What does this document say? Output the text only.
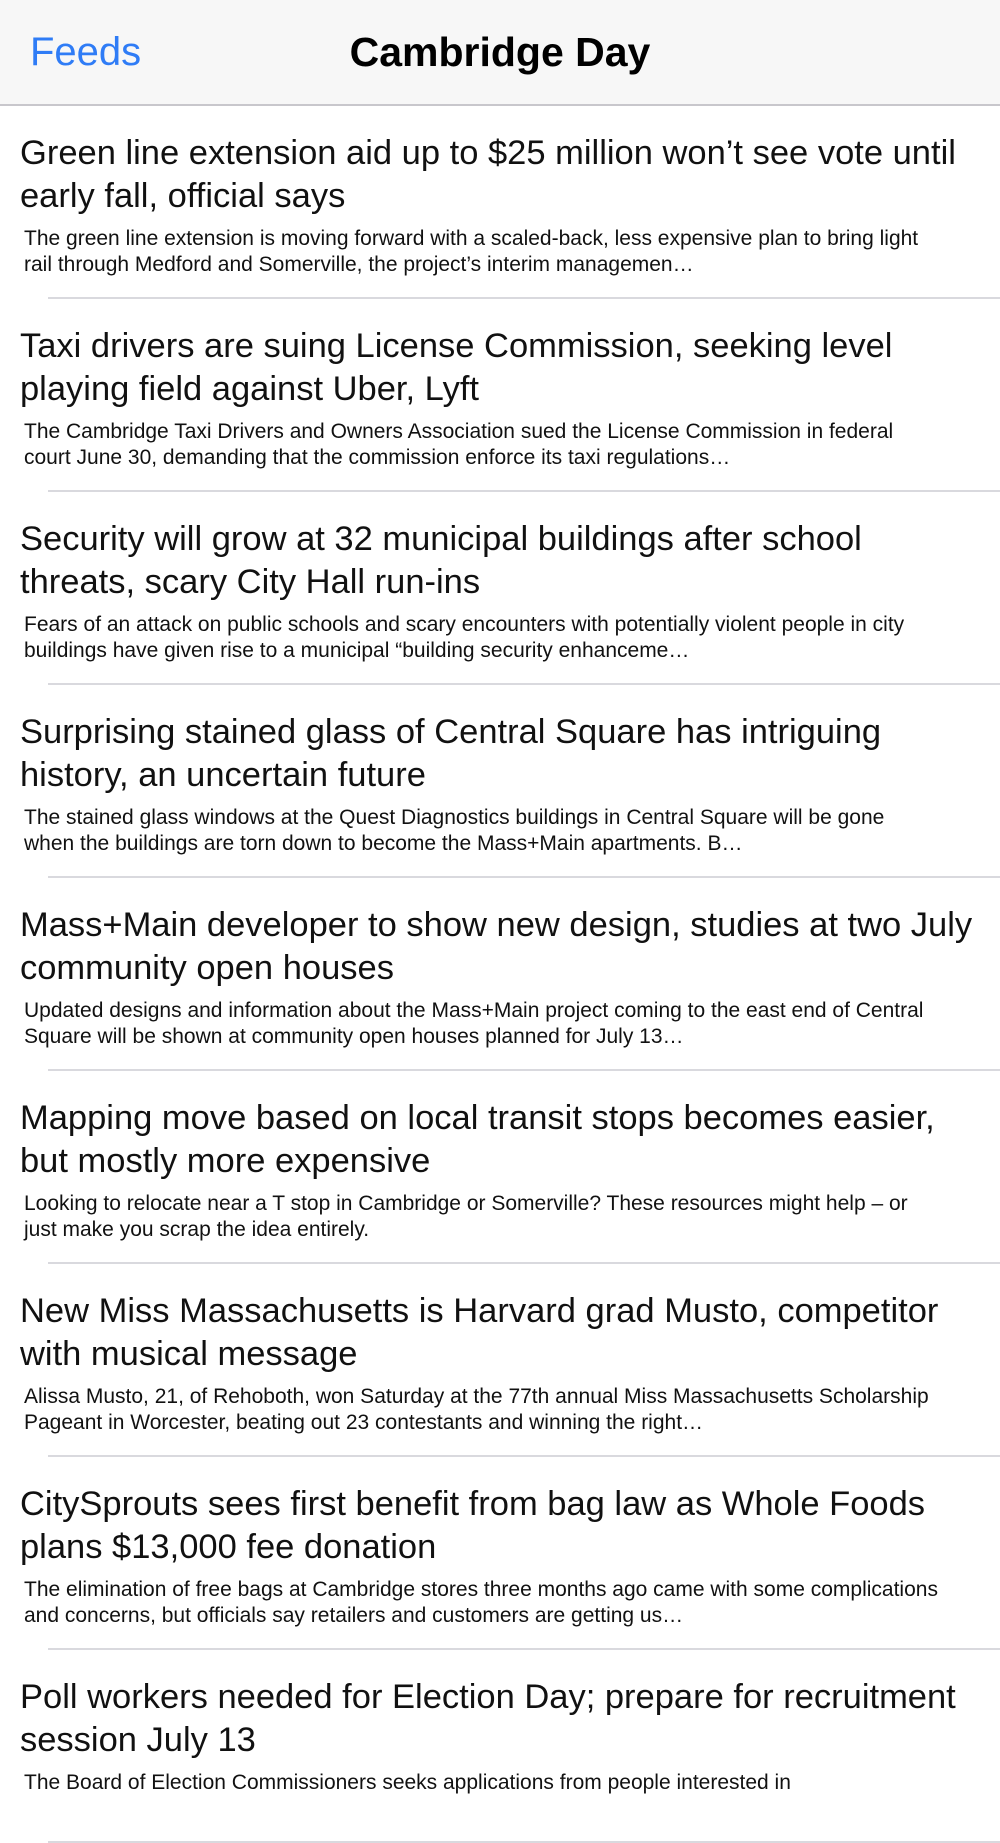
Feeds	Cambridge Day
Green line extension aid up to $25 million won’t see vote until early fall, official says
The green line extension is moving forward with a scaled-back, less expensive plan to bring light rail through Medford and Somerville, the project’s interim managemen…
Taxi drivers are suing License Commission, seeking level playing field against Uber, Lyft
The Cambridge Taxi Drivers and Owners Association sued the License Commission in federal court June 30, demanding that the commission enforce its taxi regulations…
Security will grow at 32 municipal buildings after school threats, scary City Hall run-ins
Fears of an attack on public schools and scary encounters with potentially violent people in city buildings have given rise to a municipal “building security enhanceme…
Surprising stained glass of Central Square has intriguing history, an uncertain future
The stained glass windows at the Quest Diagnostics buildings in Central Square will be gone when the buildings are torn down to become the Mass+Main apartments. B…
Mass+Main developer to show new design, studies at two July community open houses
Updated designs and information about the Mass+Main project coming to the east end of Central Square will be shown at community open houses planned for July 13…
Mapping move based on local transit stops becomes easier, but mostly more expensive
Looking to relocate near a T stop in Cambridge or Somerville? These resources might help – or just make you scrap the idea entirely.
New Miss Massachusetts is Harvard grad Musto, competitor with musical message
Alissa Musto, 21, of Rehoboth, won Saturday at the 77th annual Miss Massachusetts Scholarship Pageant in Worcester, beating out 23 contestants and winning the right…
CitySprouts sees first benefit from bag law as Whole Foods plans $13,000 fee donation
The elimination of free bags at Cambridge stores three months ago came with some complications and concerns, but officials say retailers and customers are getting us…
Poll workers needed for Election Day; prepare for recruitment session July 13
The Board of Election Commissioners seeks applications from people interested in
